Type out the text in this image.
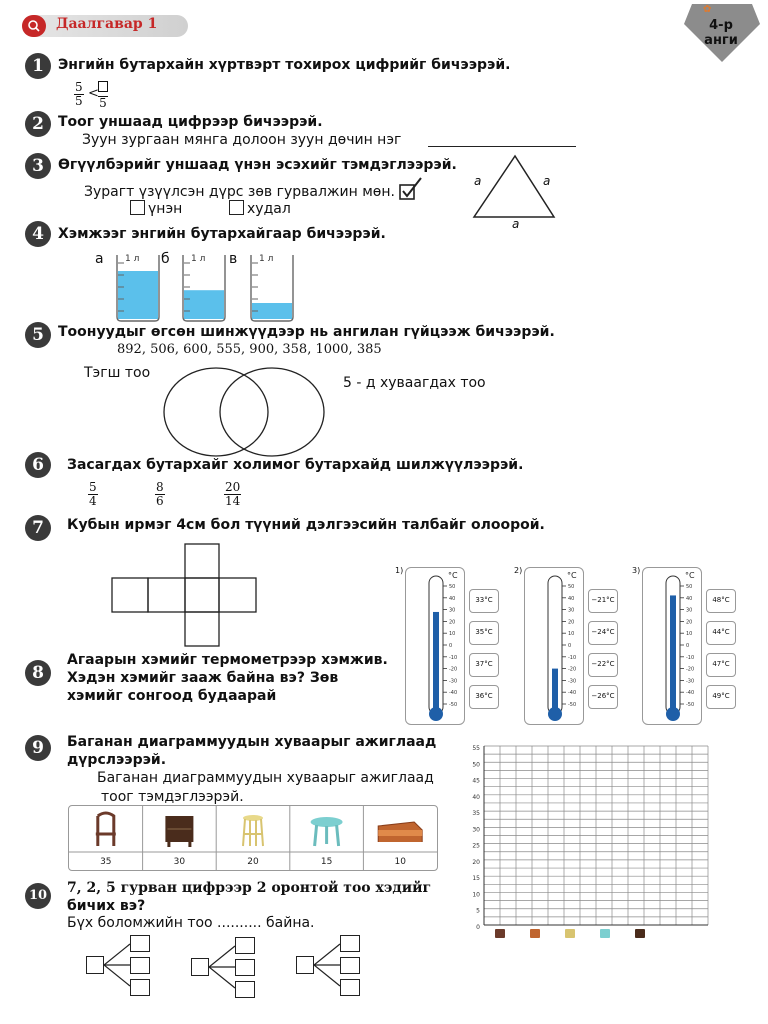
Даалгавар 1
✿
4-р анги
1	Энгийн бутархайн хүртвэрт тохирох цифрийг бичээрэй.
$\frac{5}{5}$ <
5
2	Тоог уншаад цифрээр бичээрэй.
Зуун зургаан мянга долоон зуун дөчин нэг
3	Өгүүлбэрийг уншаад үнэн эсэхийг тэмдэглээрэй.
Зурагт үзүүлсэн дүрс зөв гурвалжин мөн.
үнэн	худал
a	a
a
4	Хэмжээг энгийн бутархайгаар бичээрэй.
а 1 л б 1 л в 1 л
5	Тоонуудыг өгсөн шинжүүдээр нь ангилан гүйцээж бичээрэй.
892, 506, 600, 555, 900, 358, 1000, 385
Тэгш тоо
5 - д хуваагдах тоо
6	Засагдах бутархайг холимог бутархайд шилжүүлээрэй.
$\frac{5}{4}$	$\frac{8}{6}$	$\frac{20}{14}$
7	Кубын ирмэг 4см бол түүний дэлгээсийн талбайг олоорой.
8
Агаарын хэмийг термометрээр хэмжив.
Хэдэн хэмийг зааж байна вэ? Зөв
хэмийг сонгоод будаарай
1)
°C
50
40
30
20
10
0
-10
-20
-30
-40
-50
33°C
35°C
37°C
36°C
2)
°C
50
40
30
20
10
0
-10
-20
-30
-40
-50
−21°C
−24°C
−22°C
−26°C
3)
°C
50
40
30
20
10
0
-10
-20
-30
-40
-50
48°C
44°C
47°C
49°C
9	Баганан диаграммуудын хуваарыг ажиглаад
дүрслээрэй.
Баганан диаграммуудын хуваарыг ажиглаад
тоог тэмдэглээрэй.
35	30	20	15	10
55
50
45
40
35
30
25
20
15
10
5
0
10 7, 2, 5 гурван цифрээр 2 оронтой тоо хэдийг
бичих вэ?
Бүх боломжийн тоо .......... байна.
